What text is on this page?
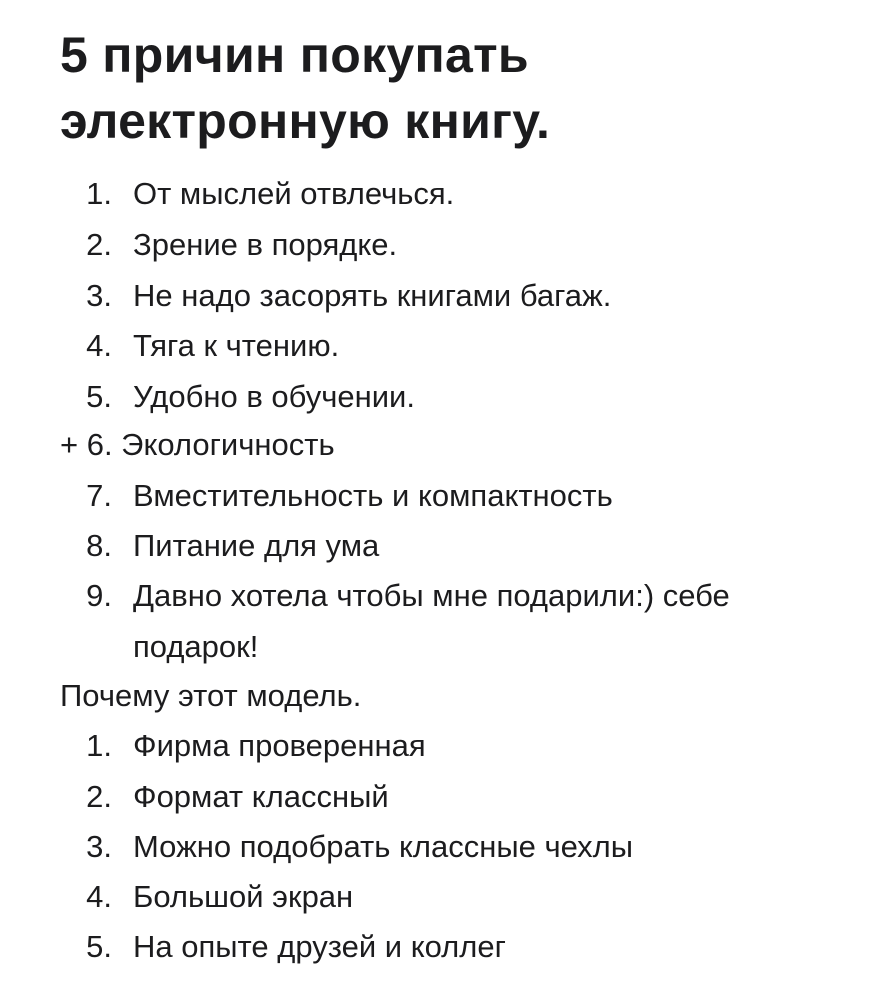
5 причин покупать
электронную книгу.
1. От мыслей отвлечься.
2. Зрение в порядке.
3. Не надо засорять книгами багаж.
4. Тяга к чтению.
5. Удобно в обучении.
+ 6. Экологичность
7. Вместительность и компактность
8. Питание для ума
9. Давно хотела чтобы мне подарили:) себе
подарок!
Почему этот модель.
1. Фирма проверенная
2. Формат классный
3. Можно подобрать классные чехлы
4. Большой экран
5. На опыте друзей и коллег
